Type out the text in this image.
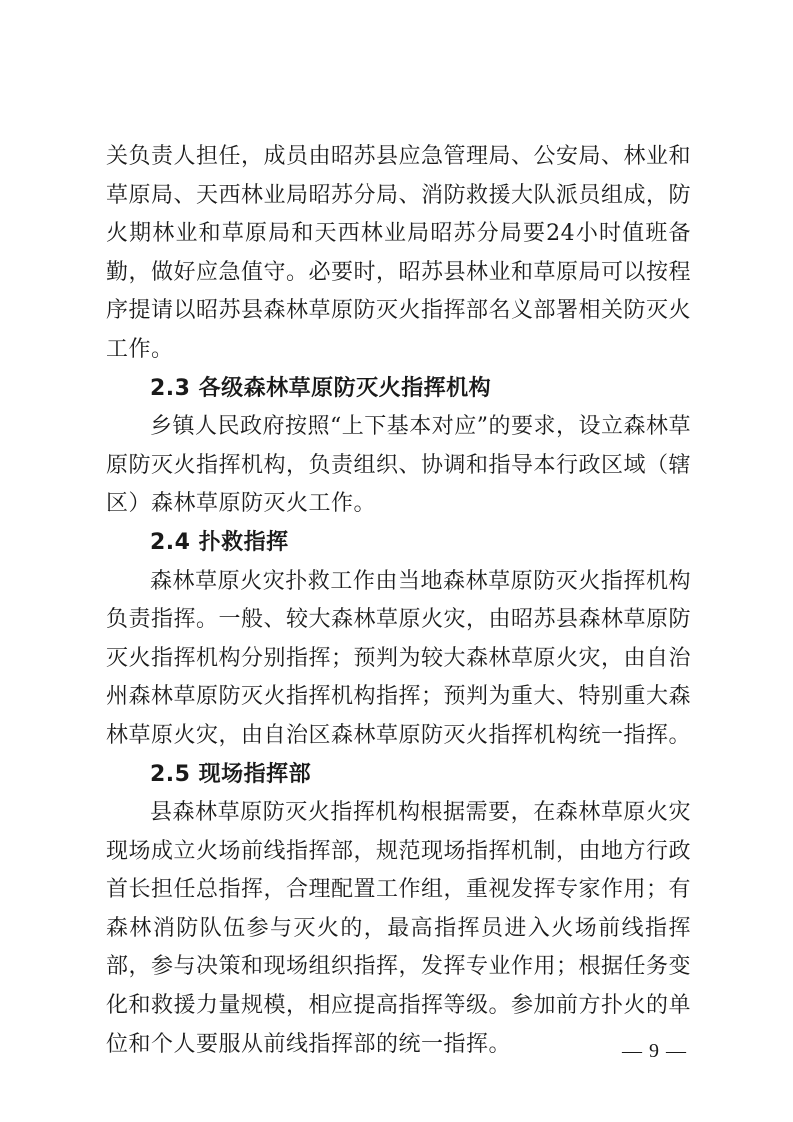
关负责人担任，成员由昭苏县应急管理局、公安局、林业和草原局、天西林业局昭苏分局、消防救援大队派员组成，防火期林业和草原局和天西林业局昭苏分局要24小时值班备勤，做好应急值守。必要时，昭苏县林业和草原局可以按程序提请以昭苏县森林草原防灭火指挥部名义部署相关防灭火工作。

2.3 各级森林草原防灭火指挥机构

乡镇人民政府按照“上下基本对应”的要求，设立森林草原防灭火指挥机构，负责组织、协调和指导本行政区域（辖区）森林草原防灭火工作。

2.4 扑救指挥

森林草原火灾扑救工作由当地森林草原防灭火指挥机构负责指挥。一般、较大森林草原火灾，由昭苏县森林草原防灭火指挥机构分别指挥；预判为较大森林草原火灾，由自治州森林草原防灭火指挥机构指挥；预判为重大、特别重大森林草原火灾，由自治区森林草原防灭火指挥机构统一指挥。

2.5 现场指挥部

县森林草原防灭火指挥机构根据需要，在森林草原火灾现场成立火场前线指挥部，规范现场指挥机制，由地方行政首长担任总指挥，合理配置工作组，重视发挥专家作用；有森林消防队伍参与灭火的，最高指挥员进入火场前线指挥部，参与决策和现场组织指挥，发挥专业作用；根据任务变化和救援力量规模，相应提高指挥等级。参加前方扑火的单位和个人要服从前线指挥部的统一指挥。	— 9 —
